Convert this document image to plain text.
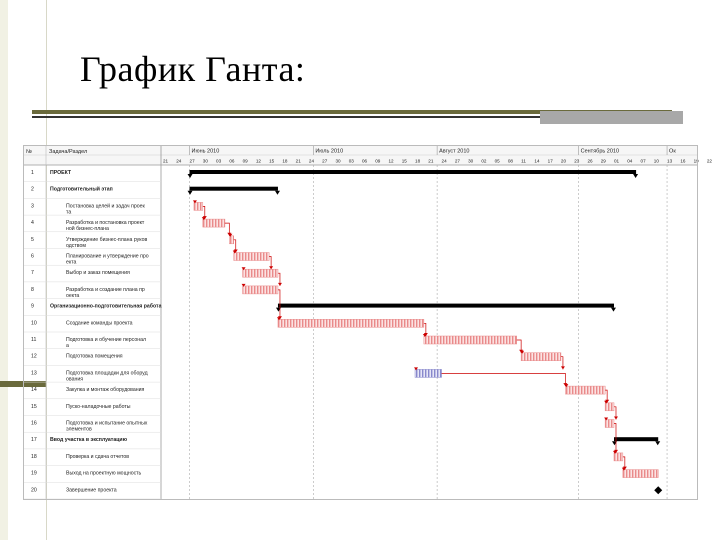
График Ганта:
№	Задача/Раздел	Июнь 2010	Июль 2010	Август 2010	Сентябрь 2010	Ок
21 24 27 30 03 06 09 12 15 18 21 24 27 30 03 06 09 12 15 18 21 24 27 30 02 05 08 11 14 17 20 23 26 29 01 04 07 10 13 16 19 22
1	ПРОЕКТ
2	Подготовительный этап
3	Постановка целей и задач проек
та
4	Разработка и постановка проект
ной бизнес-плана
5	Утверждение бизнес-плана руков
одством
6	Планирование и утверждение про
екта
7	Выбор и заказ помещения
8	Разработка и создание плана пр
оекта
9	Организационно-подготовительная работа
10	Создание команды проекта
11	Подготовка и обучение персонал
а
12	Подготовка помещения
13	Подготовка площадки для оборуд
ования
14	Закупка и монтаж оборудования
15	Пуско-наладочные работы
16	Подготовка и испытание опытных
элементов
17	Ввод участка в эксплуатацию
18	Проверка и сдача отчетов
19	Выход на проектную мощность
20	Завершение проекта
